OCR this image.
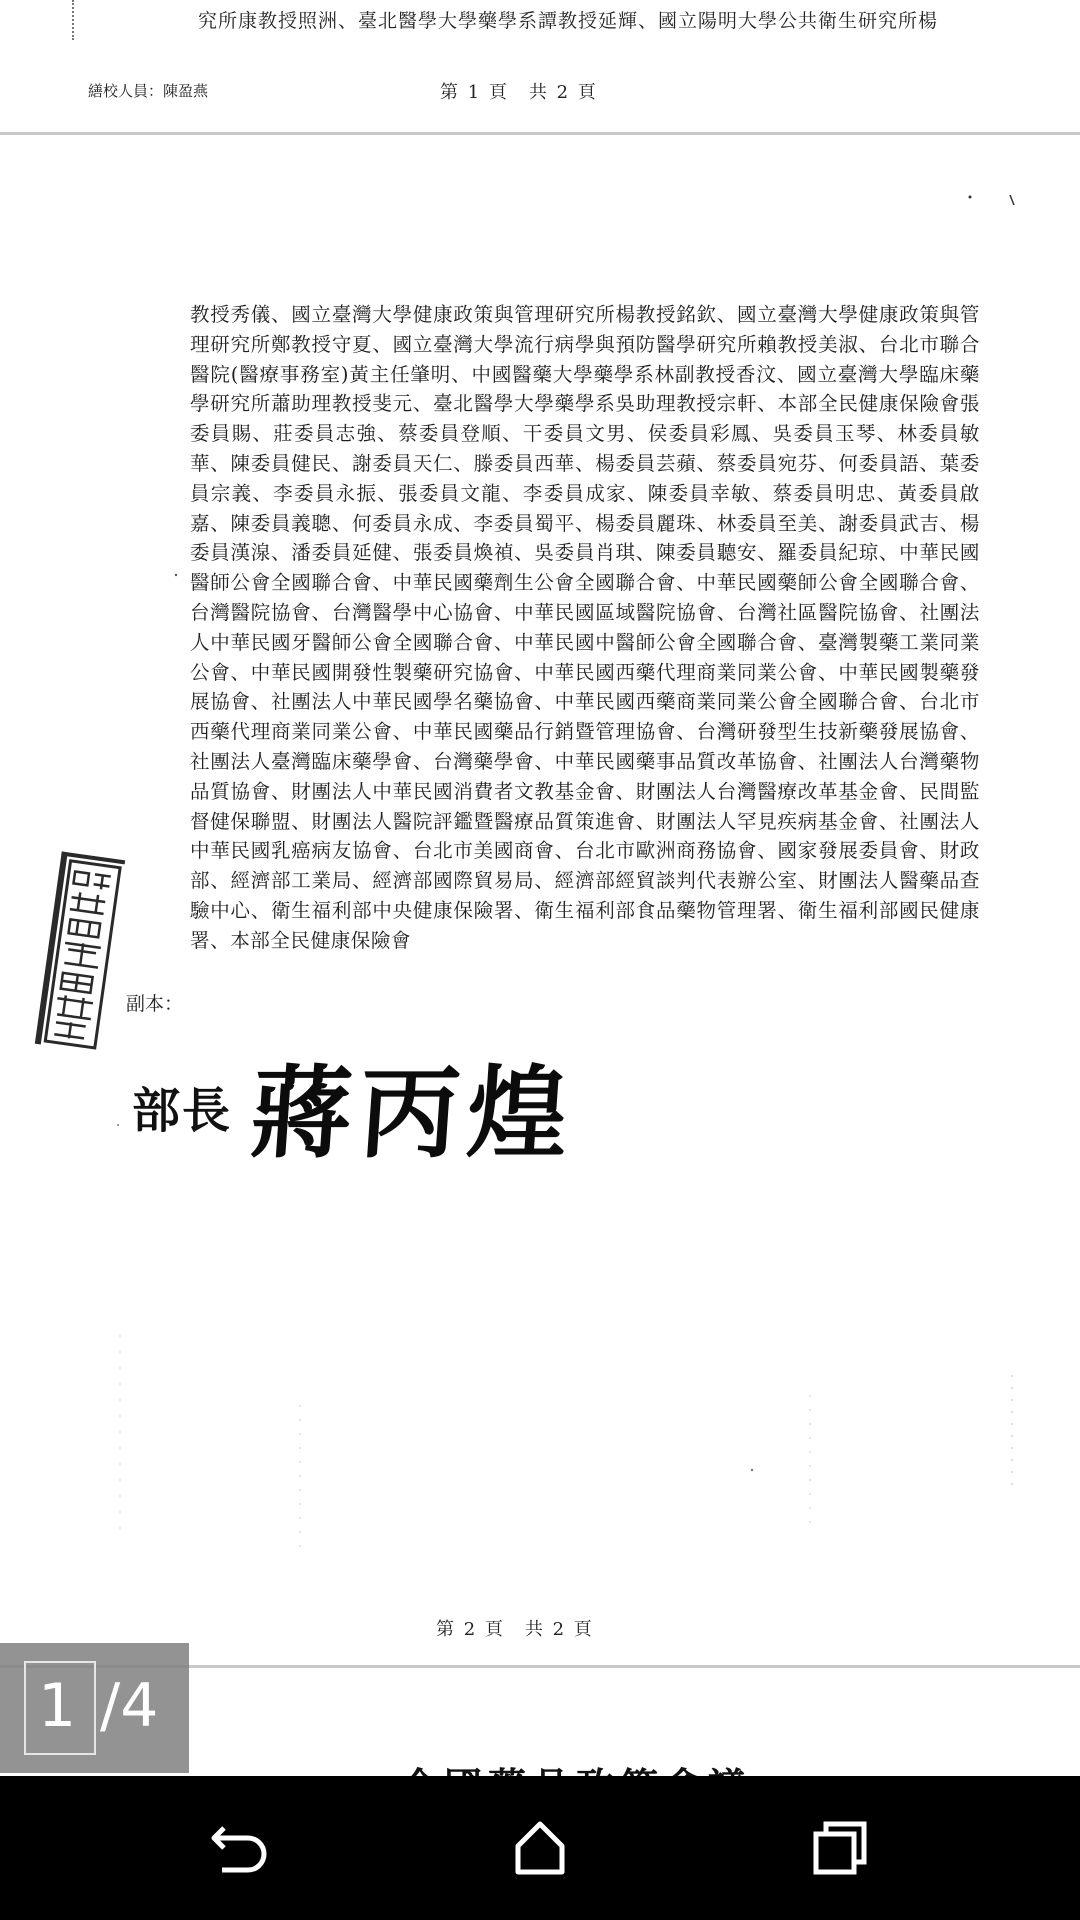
究所康教授照洲、臺北醫學大學藥學系譚教授延輝、國立陽明大學公共衛生研究所楊
繕校人員：陳盈燕	第 1 頁　共 2 頁
教授秀儀、國立臺灣大學健康政策與管理研究所楊教授銘欽、國立臺灣大學健康政策與管理研究所鄭教授守夏、國立臺灣大學流行病學與預防醫學研究所賴教授美淑、台北市聯合醫院(醫療事務室)黃主任肇明、中國醫藥大學藥學系林副教授香汶、國立臺灣大學臨床藥學研究所蕭助理教授斐元、臺北醫學大學藥學系吳助理教授宗軒、本部全民健康保險會張委員賜、莊委員志強、蔡委員登順、干委員文男、侯委員彩鳳、吳委員玉琴、林委員敏華、陳委員健民、謝委員天仁、滕委員西華、楊委員芸蘋、蔡委員宛芬、何委員語、葉委員宗義、李委員永振、張委員文龍、李委員成家、陳委員幸敏、蔡委員明忠、黃委員啟嘉、陳委員義聰、何委員永成、李委員蜀平、楊委員麗珠、林委員至美、謝委員武吉、楊委員漢湶、潘委員延健、張委員煥禎、吳委員肖琪、陳委員聽安、羅委員紀琼、中華民國醫師公會全國聯合會、中華民國藥劑生公會全國聯合會、中華民國藥師公會全國聯合會、台灣醫院協會、台灣醫學中心協會、中華民國區域醫院協會、台灣社區醫院協會、社團法人中華民國牙醫師公會全國聯合會、中華民國中醫師公會全國聯合會、臺灣製藥工業同業公會、中華民國開發性製藥研究協會、中華民國西藥代理商業同業公會、中華民國製藥發展協會、社團法人中華民國學名藥協會、中華民國西藥商業同業公會全國聯合會、台北市西藥代理商業同業公會、中華民國藥品行銷暨管理協會、台灣研發型生技新藥發展協會、社團法人臺灣臨床藥學會、台灣藥學會、中華民國藥事品質改革協會、社團法人台灣藥物品質協會、財團法人中華民國消費者文教基金會、財團法人台灣醫療改革基金會、民間監督健保聯盟、財團法人醫院評鑑暨醫療品質策進會、財團法人罕見疾病基金會、社團法人中華民國乳癌病友協會、台北市美國商會、台北市歐洲商務協會、國家發展委員會、財政部、經濟部工業局、經濟部國際貿易局、經濟部經貿談判代表辦公室、財團法人醫藥品查驗中心、衛生福利部中央健康保險署、衛生福利部食品藥物管理署、衛生福利部國民健康署、本部全民健康保險會
副本：
部長 蔣丙煌
第 2 頁　共 2 頁
1 /4
